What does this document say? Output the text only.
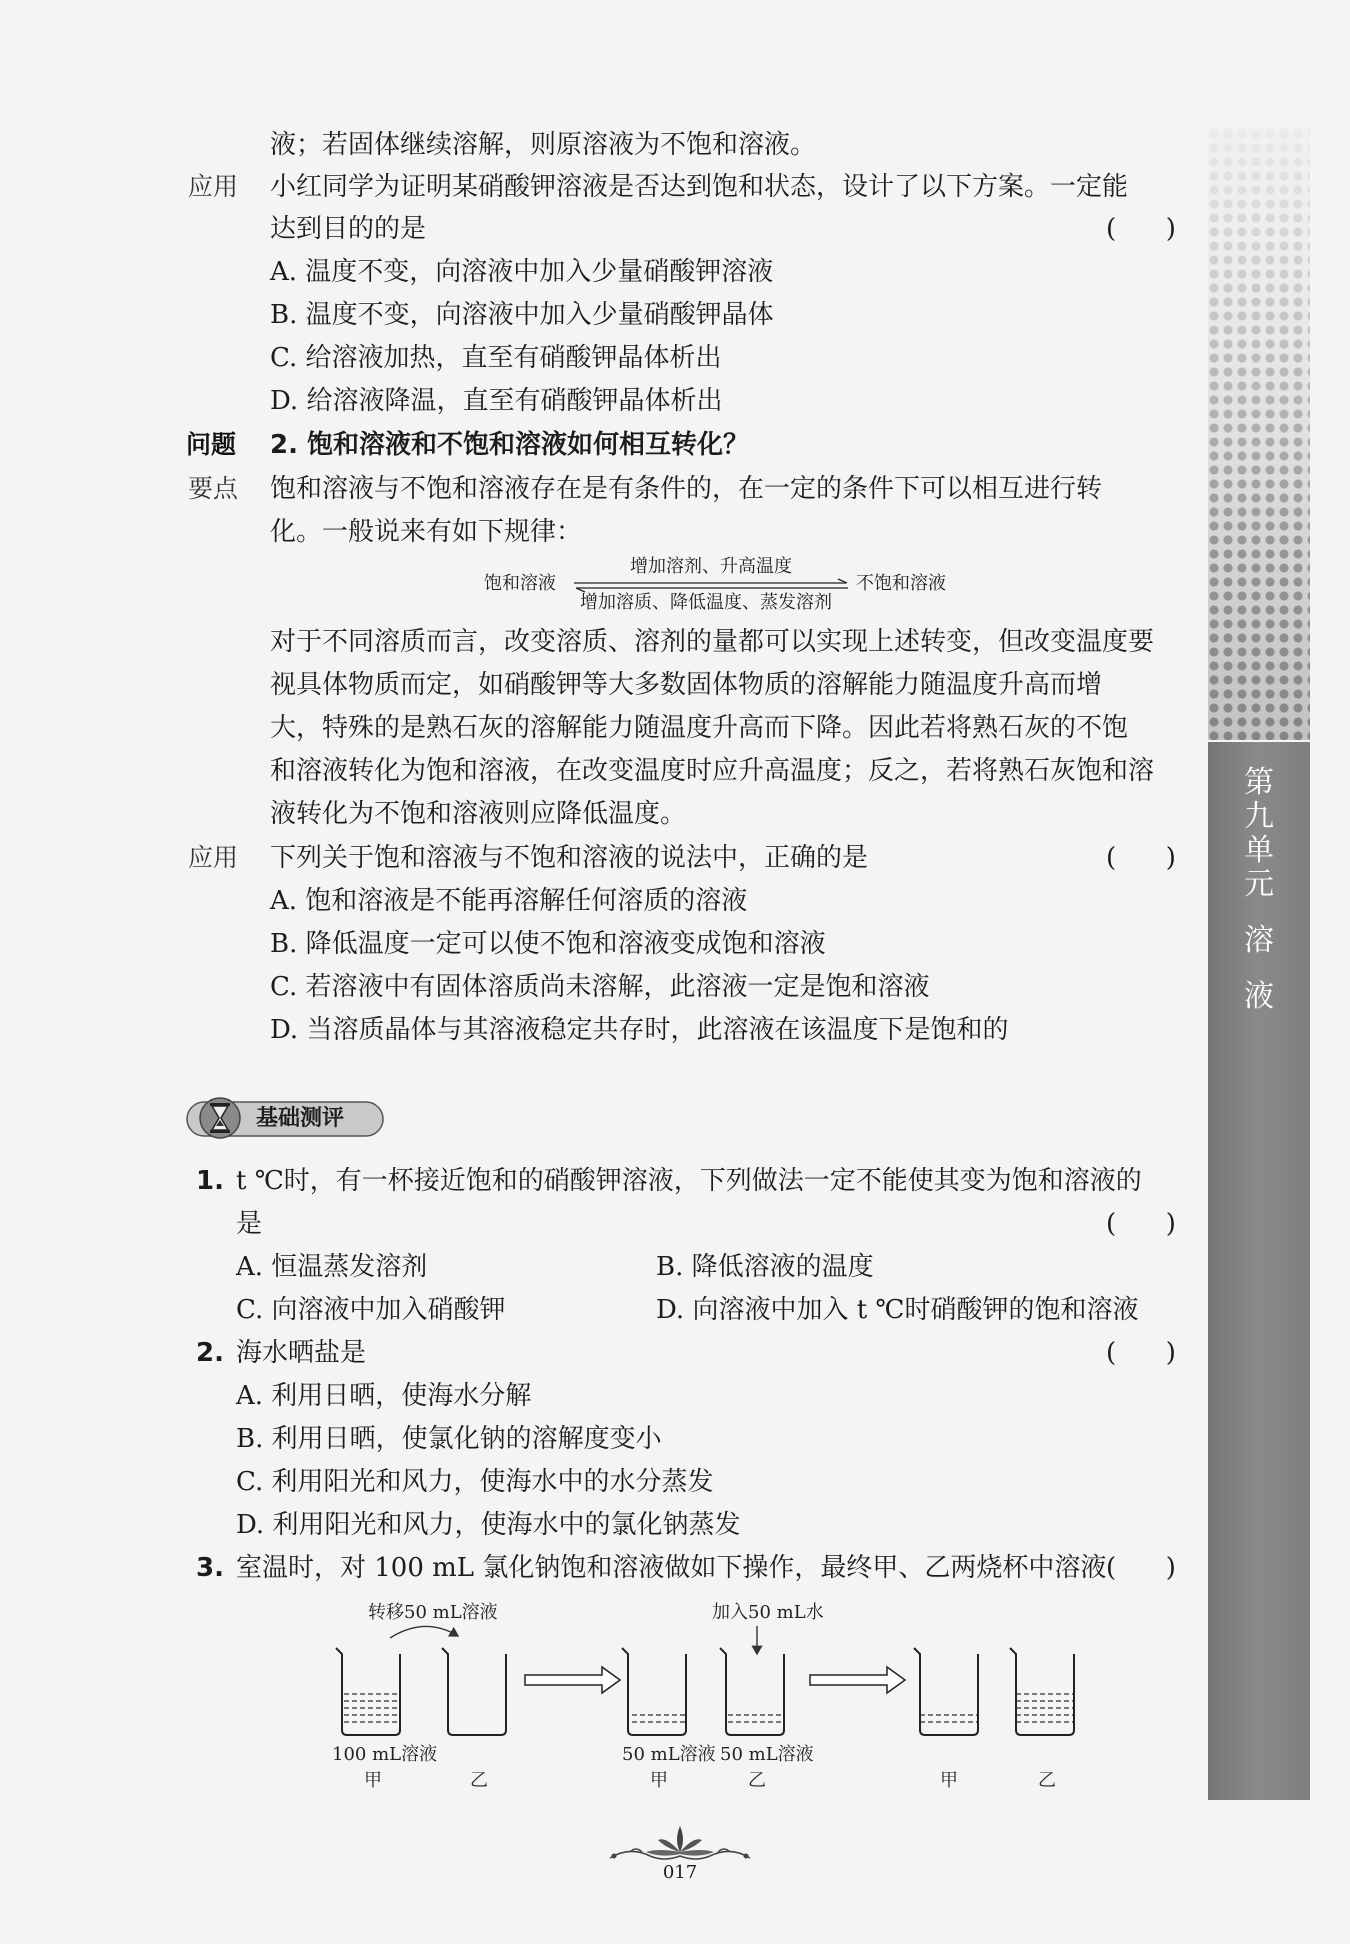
液；若固体继续溶解，则原溶液为不饱和溶液。
应用 小红同学为证明某硝酸钾溶液是否达到饱和状态，设计了以下方案。一定能
达到目的的是	(      )
A. 温度不变，向溶液中加入少量硝酸钾溶液
B. 温度不变，向溶液中加入少量硝酸钾晶体
C. 给溶液加热，直至有硝酸钾晶体析出
D. 给溶液降温，直至有硝酸钾晶体析出
问题 2. 饱和溶液和不饱和溶液如何相互转化？
要点 饱和溶液与不饱和溶液存在是有条件的，在一定的条件下可以相互进行转
化。一般说来有如下规律：
饱和溶液
增加溶剂、升高温度
不饱和溶液
增加溶质、降低温度、蒸发溶剂
对于不同溶质而言，改变溶质、溶剂的量都可以实现上述转变，但改变温度要
视具体物质而定，如硝酸钾等大多数固体物质的溶解能力随温度升高而增
大，特殊的是熟石灰的溶解能力随温度升高而下降。因此若将熟石灰的不饱
和溶液转化为饱和溶液，在改变温度时应升高温度；反之，若将熟石灰饱和溶
液转化为不饱和溶液则应降低温度。
应用 下列关于饱和溶液与不饱和溶液的说法中，正确的是	(      )
A. 饱和溶液是不能再溶解任何溶质的溶液
B. 降低温度一定可以使不饱和溶液变成饱和溶液
C. 若溶液中有固体溶质尚未溶解，此溶液一定是饱和溶液
D. 当溶质晶体与其溶液稳定共存时，此溶液在该温度下是饱和的
基础测评
1. t ℃时，有一杯接近饱和的硝酸钾溶液，下列做法一定不能使其变为饱和溶液的
是	(      )
A. 恒温蒸发溶剂	B. 降低溶液的温度
C. 向溶液中加入硝酸钾	D. 向溶液中加入 t ℃时硝酸钾的饱和溶液
2. 海水晒盐是	(      )
A. 利用日晒，使海水分解
B. 利用日晒，使氯化钠的溶解度变小
C. 利用阳光和风力，使海水中的水分蒸发
D. 利用阳光和风力，使海水中的氯化钠蒸发
3. 室温时，对 100 mL 氯化钠饱和溶液做如下操作，最终甲、乙两烧杯中溶液 (      )
转移50 mL溶液
100 mL溶液
甲	乙
加入50 mL水
50 mL溶液 50 mL溶液
甲	乙	甲	乙
第
九
单
元
溶
液
017
